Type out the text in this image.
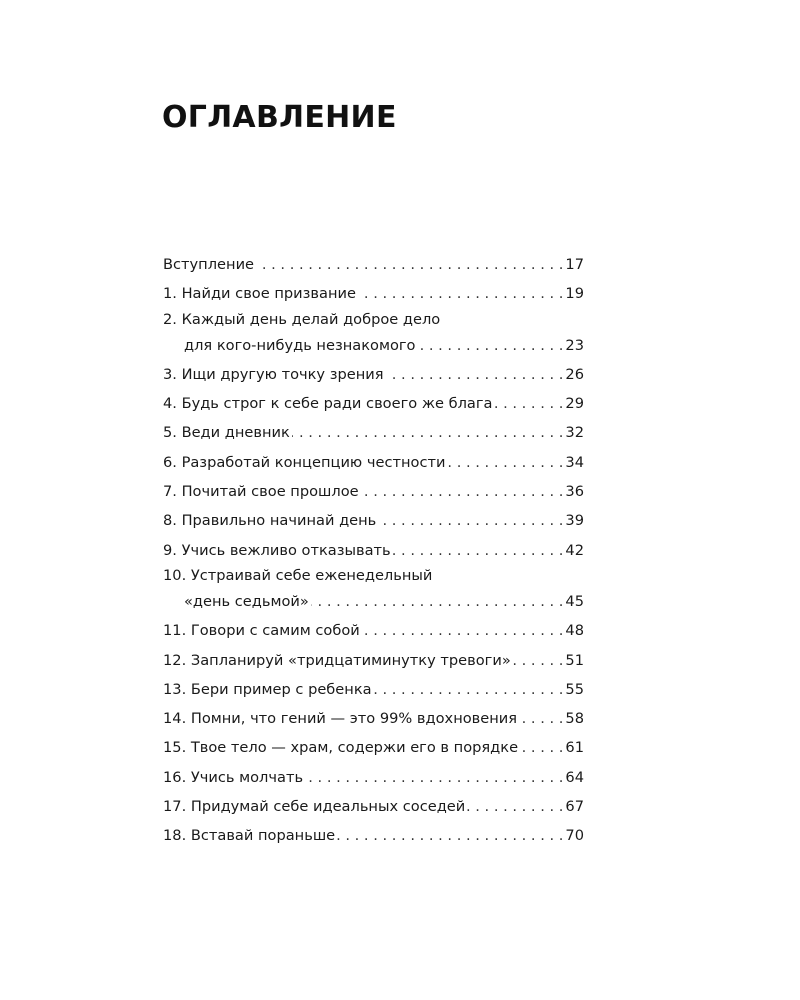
ОГЛАВЛЕНИЕ
Вступление . . .	17
1. Найди свое призвание . . .	19
2. Каждый день делай доброе дело
для кого-нибудь незнакомого . . .	23
3. Ищи другую точку зрения . . .	26
4. Будь строг к себе ради своего же блага . . .	29
5. Веди дневник . . .	32
6. Разработай концепцию честности . . .	34
7. Почитай свое прошлое . . .	36
8. Правильно начинай день . . .	39
9. Учись вежливо отказывать . . .	42
10. Устраивай себе еженедельный
«день седьмой» . . .	45
11. Говори с самим собой . . .	48
12. Запланируй «тридцатиминутку тревоги» . . .	51
13. Бери пример с ребенка . . .	55
14. Помни, что гений — это 99% вдохновения . . .	58
15. Твое тело — храм, содержи его в порядке . . .	61
16. Учись молчать . . .	64
17. Придумай себе идеальных соседей . . .	67
18. Вставай пораньше . . .	70
